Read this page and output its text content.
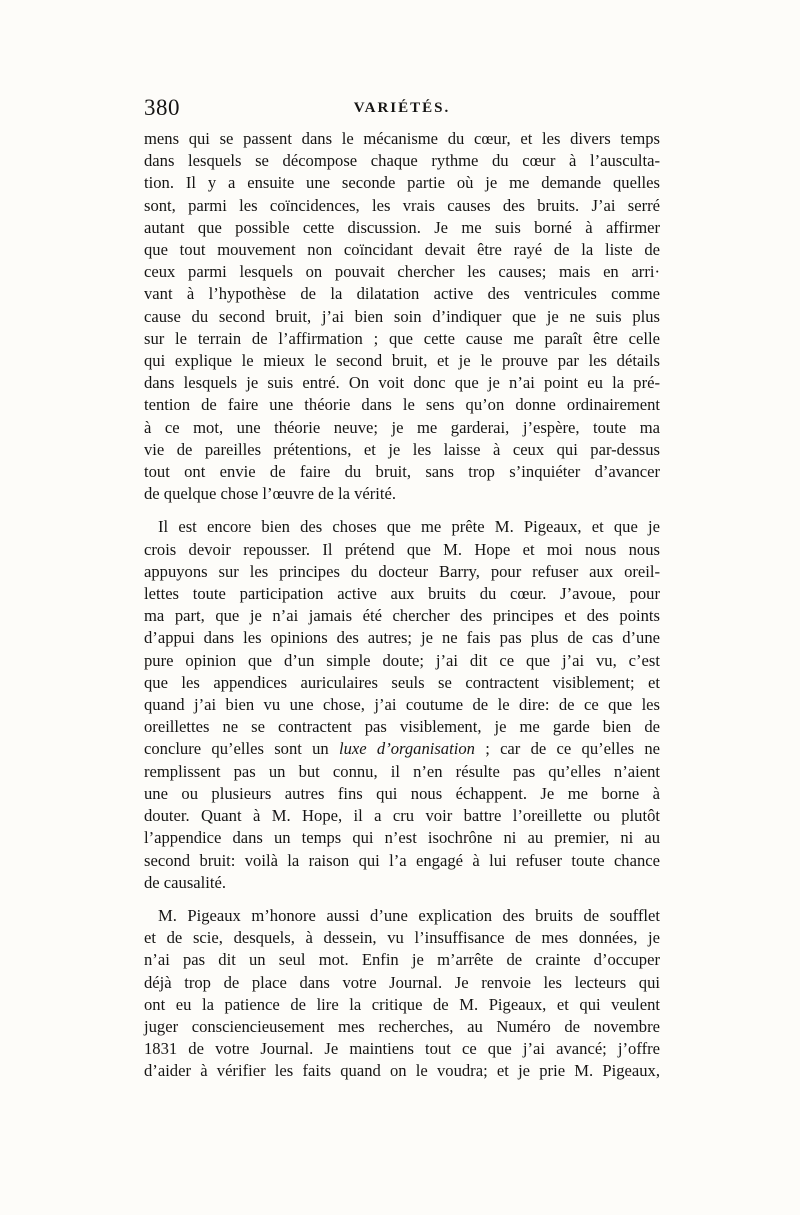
380	VARIÉTÉS.

mens qui se passent dans le mécanisme du cœur, et les divers temps
dans lesquels se décompose chaque rythme du cœur à l’ausculta-
tion. Il y a ensuite une seconde partie où je me demande quelles
sont, parmi les coïncidences, les vrais causes des bruits. J’ai serré
autant que possible cette discussion. Je me suis borné à affirmer
que tout mouvement non coïncidant devait être rayé de la liste de
ceux parmi lesquels on pouvait chercher les causes; mais en arri·
vant à l’hypothèse de la dilatation active des ventricules comme
cause du second bruit, j’ai bien soin d’indiquer que je ne suis plus
sur le terrain de l’affirmation ; que cette cause me paraît être celle
qui explique le mieux le second bruit, et je le prouve par les détails
dans lesquels je suis entré. On voit donc que je n’ai point eu la pré-
tention de faire une théorie dans le sens qu’on donne ordinairement
à ce mot, une théorie neuve; je me garderai, j’espère, toute ma
vie de pareilles prétentions, et je les laisse à ceux qui par-dessus
tout ont envie de faire du bruit, sans trop s’inquiéter d’avancer
de quelque chose l’œuvre de la vérité.

Il est encore bien des choses que me prête M. Pigeaux, et que je
crois devoir repousser. Il prétend que M. Hope et moi nous nous
appuyons sur les principes du docteur Barry, pour refuser aux oreil-
lettes toute participation active aux bruits du cœur. J’avoue, pour
ma part, que je n’ai jamais été chercher des principes et des points
d’appui dans les opinions des autres; je ne fais pas plus de cas d’une
pure opinion que d’un simple doute; j’ai dit ce que j’ai vu, c’est
que les appendices auriculaires seuls se contractent visiblement; et
quand j’ai bien vu une chose, j’ai coutume de le dire: de ce que les
oreillettes ne se contractent pas visiblement, je me garde bien de
conclure qu’elles sont un luxe d’organisation ; car de ce qu’elles ne
remplissent pas un but connu, il n’en résulte pas qu’elles n’aient
une ou plusieurs autres fins qui nous échappent. Je me borne à
douter. Quant à M. Hope, il a cru voir battre l’oreillette ou plutôt
l’appendice dans un temps qui n’est isochrône ni au premier, ni au
second bruit: voilà la raison qui l’a engagé à lui refuser toute chance
de causalité.

M. Pigeaux m’honore aussi d’une explication des bruits de soufflet
et de scie, desquels, à dessein, vu l’insuffisance de mes données, je
n’ai pas dit un seul mot. Enfin je m’arrête de crainte d’occuper
déjà trop de place dans votre Journal. Je renvoie les lecteurs qui
ont eu la patience de lire la critique de M. Pigeaux, et qui veulent
juger consciencieusement mes recherches, au Numéro de novembre
1831 de votre Journal. Je maintiens tout ce que j’ai avancé; j’offre
d’aider à vérifier les faits quand on le voudra; et je prie M. Pigeaux,
